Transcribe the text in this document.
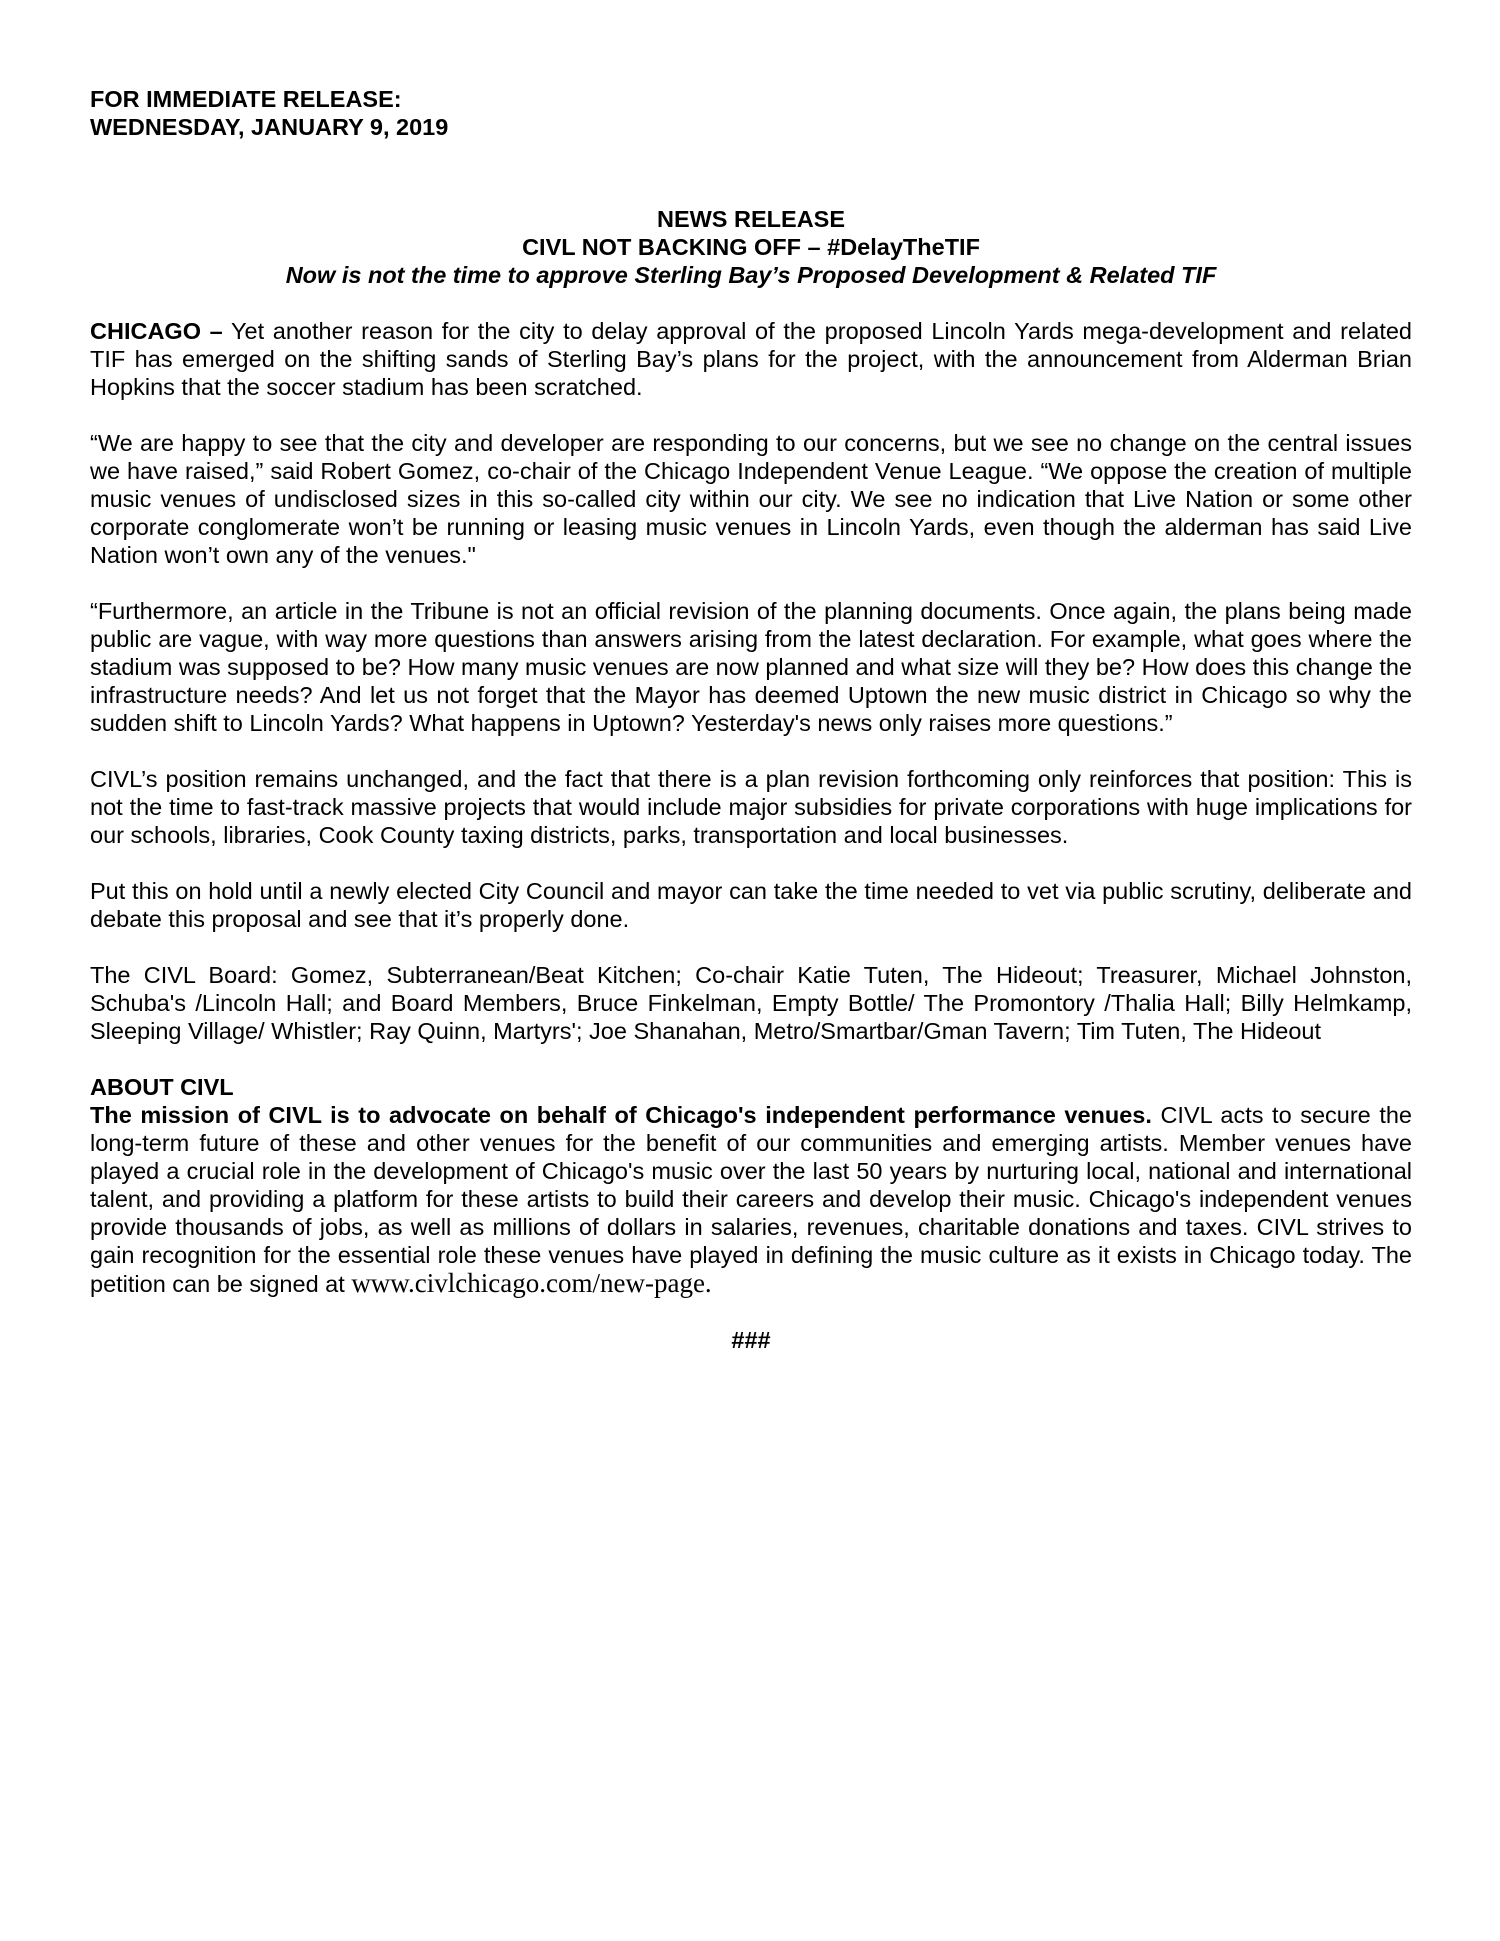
FOR IMMEDIATE RELEASE:
WEDNESDAY, JANUARY 9, 2019
NEWS RELEASE
CIVL NOT BACKING OFF – #DelayTheTIF
Now is not the time to approve Sterling Bay’s Proposed Development & Related TIF

CHICAGO – Yet another reason for the city to delay approval of the proposed Lincoln Yards mega-development and related TIF has emerged on the shifting sands of Sterling Bay’s plans for the project, with the announcement from Alderman Brian Hopkins that the soccer stadium has been scratched.

“We are happy to see that the city and developer are responding to our concerns, but we see no change on the central issues we have raised,” said Robert Gomez, co-chair of the Chicago Independent Venue League. “We oppose the creation of multiple music venues of undisclosed sizes in this so-called city within our city. We see no indication that Live Nation or some other corporate conglomerate won’t be running or leasing music venues in Lincoln Yards, even though the alderman has said Live Nation won’t own any of the venues."

“Furthermore, an article in the Tribune is not an official revision of the planning documents. Once again, the plans being made public are vague, with way more questions than answers arising from the latest declaration. For example, what goes where the stadium was supposed to be? How many music venues are now planned and what size will they be? How does this change the infrastructure needs? And let us not forget that the Mayor has deemed Uptown the new music district in Chicago so why the sudden shift to Lincoln Yards? What happens in Uptown? Yesterday's news only raises more questions.”

CIVL’s position remains unchanged, and the fact that there is a plan revision forthcoming only reinforces that position: This is not the time to fast-track massive projects that would include major subsidies for private corporations with huge implications for our schools, libraries, Cook County taxing districts, parks, transportation and local businesses.

Put this on hold until a newly elected City Council and mayor can take the time needed to vet via public scrutiny, deliberate and debate this proposal and see that it’s properly done.

The CIVL Board: Gomez, Subterranean/Beat Kitchen; Co-chair Katie Tuten, The Hideout; Treasurer, Michael Johnston, Schuba's /Lincoln Hall; and Board Members, Bruce Finkelman, Empty Bottle/ The Promontory /Thalia Hall; Billy Helmkamp, Sleeping Village/ Whistler; Ray Quinn, Martyrs'; Joe Shanahan, Metro/Smartbar/Gman Tavern; Tim Tuten, The Hideout

ABOUT CIVL

The mission of CIVL is to advocate on behalf of Chicago's independent performance venues. CIVL acts to secure the long-term future of these and other venues for the benefit of our communities and emerging artists. Member venues have played a crucial role in the development of Chicago's music over the last 50 years by nurturing local, national and international talent, and providing a platform for these artists to build their careers and develop their music. Chicago's independent venues provide thousands of jobs, as well as millions of dollars in salaries, revenues, charitable donations and taxes. CIVL strives to gain recognition for the essential role these venues have played in defining the music culture as it exists in Chicago today. The petition can be signed at www.civlchicago.com/new-page.

###
